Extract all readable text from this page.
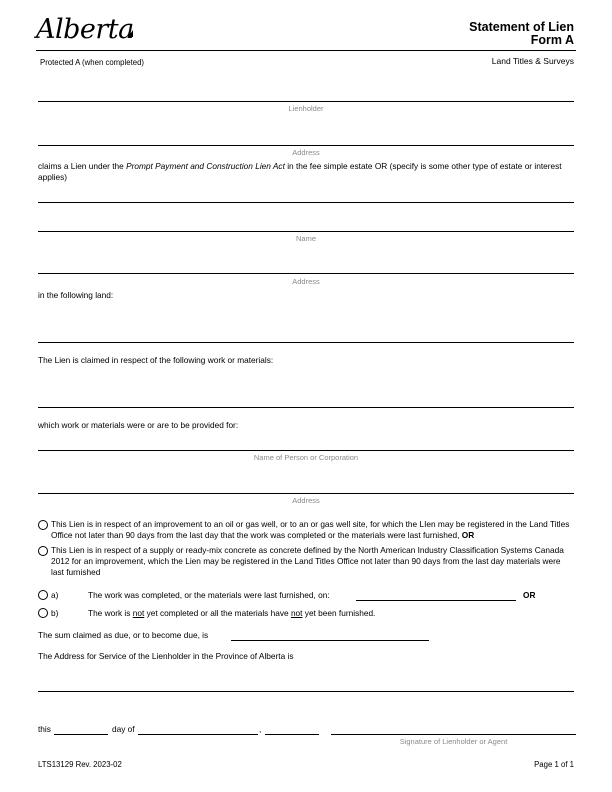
Alberta	Statement of Lien
Form A
Protected A (when completed)	Land Titles & Surveys
Lienholder
Address
claims a Lien under the Prompt Payment and Construction Lien Act in the fee simple estate OR (specify is some other type of estate or interest applies)
Name
Address
in the following land:
The Lien is claimed in respect of the following work or materials:
which work or materials were or are to be provided for:
Name of Person or Corporation
Address
This Lien is in respect of an improvement to an oil or gas well, or to an or gas well site, for which the LIen may be registered in the Land Titles Office not later than 90 days from the last day that the work was completed or the materials were last furnished, OR
This Lien is in respect of a supply or ready-mix concrete as concrete defined by the North American Industry Classification Systems Canada 2012 for an improvement, which the Lien may be registered in the Land Titles Office not later than 90 days from the last day materials were last furnished
a)	The work was completed, or the materials were last furnished, on:	OR
b)	The work is not yet completed or all the materials have not yet been furnished.
The sum claimed as due, or to become due, is
The Address for Service of the Lienholder in the Province of Alberta is
this	day of	,
Signature of Lienholder or Agent
LTS13129 Rev. 2023-02	Page 1 of 1
